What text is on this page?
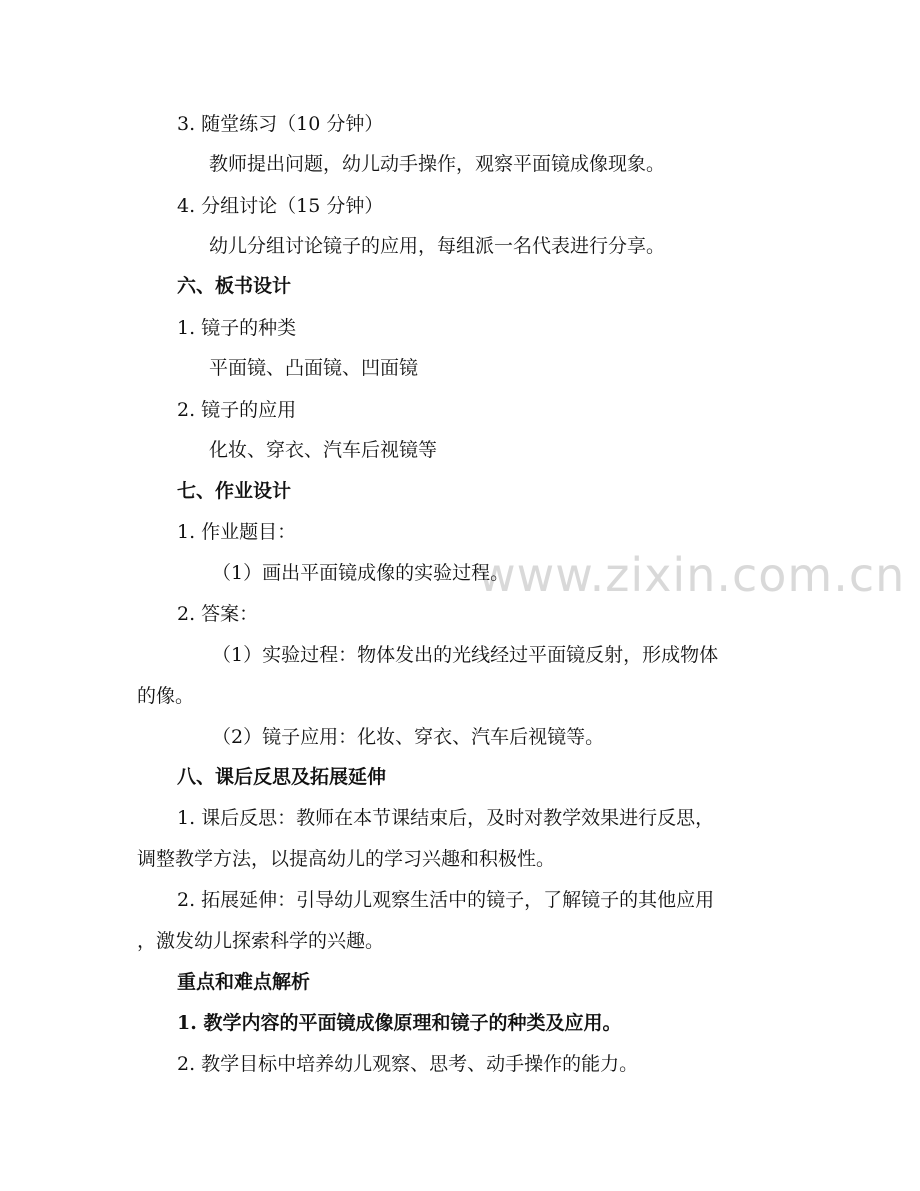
www.zixin.com.cn
3. 随堂练习（10 分钟）
教师提出问题，幼儿动手操作，观察平面镜成像现象。
4. 分组讨论（15 分钟）
幼儿分组讨论镜子的应用，每组派一名代表进行分享。
六、板书设计
1. 镜子的种类
平面镜、凸面镜、凹面镜
2. 镜子的应用
化妆、穿衣、汽车后视镜等
七、作业设计
1. 作业题目：
（1）画出平面镜成像的实验过程。
2. 答案：
（1）实验过程：物体发出的光线经过平面镜反射，形成物体
的像。
（2）镜子应用：化妆、穿衣、汽车后视镜等。
八、课后反思及拓展延伸
1. 课后反思：教师在本节课结束后，及时对教学效果进行反思，
调整教学方法，以提高幼儿的学习兴趣和积极性。
2. 拓展延伸：引导幼儿观察生活中的镜子，了解镜子的其他应用
，激发幼儿探索科学的兴趣。
重点和难点解析
1. 教学内容的平面镜成像原理和镜子的种类及应用。
2. 教学目标中培养幼儿观察、思考、动手操作的能力。
